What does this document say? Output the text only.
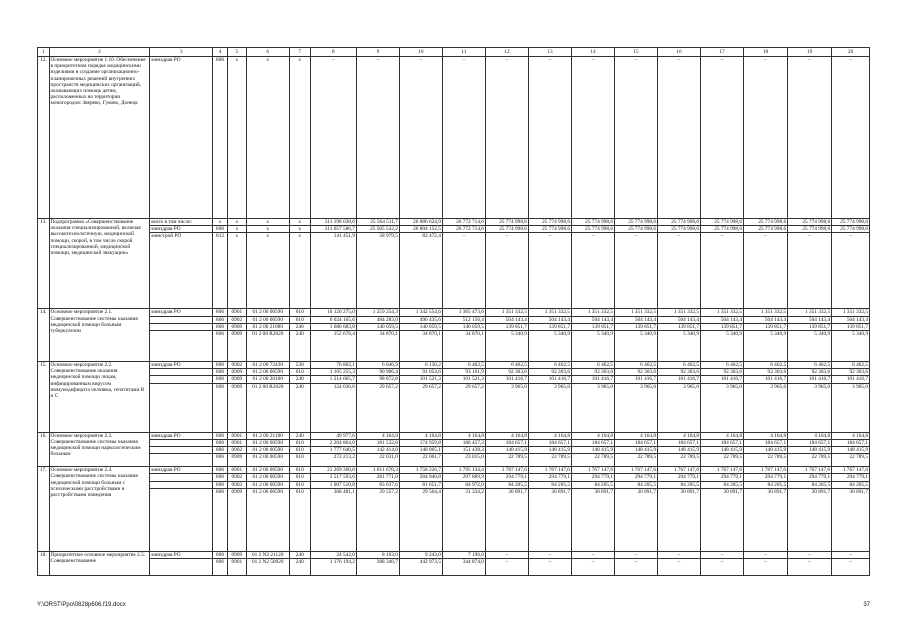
1	2	3	4	5	6	7	8	9	10	11	12	13	14	15	16	17	18	19	20
12.	Основное мероприятие 1.10. Обеспечение в приоритетном порядке медицинскими изделиями в создание организационно-планировочных решений внутренних пространств медицинских организаций, оказывающих помощь детям, расположенных на территории моногородов: Зверево, Гуково, Донецк	минздрав РО	806	х	х	х	–	–	–	–	–	–	–	–	–	–	–	–	–
13.	Подпрограмма «Совершенствование оказания специализированной, включая высокотехнологичную, медицинской помощи, скорой, в том числе скорой специализированной, медицинской помощи, медицинской эвакуации»	всего в том числе:	х	х	х	х	311 198 038,6	25 564 511,7	26 886 624,9	26 772 714,6	25 774 998,6	25 774 998,6	25 774 998,6	25 774 998,6	25 774 998,6	25 774 998,6	25 774 998,6	25 774 998,6	25 774 998,6
		минздрав РО	806	х	х	х	311 057 586,7	25 505 532,2	26 804 152,5	26 772 714,6	25 774 998,6	25 774 998,6	25 774 998,6	25 774 998,6	25 774 998,6	25 774 998,6	25 774 998,6	25 774 998,6	25 774 998,6
		минстрой РО	812	х	х	х	141 451,9	58 979,5	82 472,4	–	–	–	–	–	–	–	–	–	–
14.	Основное мероприятие 2.1. Совершенствование системы оказания медицинской помощи больным туберкулезом	минздрав РО	806	0901	01 2 00 00590	610	16 120 275,0	1 259 254,3	1 342 554,6	1 365 473,6	1 351 332,5	1 351 332,5	1 351 332,5	1 351 332,5	1 351 332,5	1 351 332,5	1 351 332,5	1 351 332,5	1 351 332,5
			806	0902	01 2 00 00590	610	6 024 165,6	484 283,0	490 435,6	512 156,4	504 143,4	504 143,4	504 143,4	504 143,4	504 143,4	504 143,4	504 143,4	504 143,4	504 143,4
			806	0909	01 2 00 21080	240	1 680 683,8	140 059,5	140 059,5	140 059,5	139 851,7	139 851,7	139 851,7	139 851,7	139 851,7	139 851,7	139 851,7	139 851,7	139 851,7
			806	0909	01 2 00 R2020	240	152 678,4	34 870,1	34 870,1	34 870,1	5 340,9	5 340,9	5 340,9	5 340,9	5 340,9	5 340,9	5 340,9	5 340,9	5 340,9
15.	Основное мероприятие 2.2. Совершенствование оказания медицинской помощи лицам, инфицированным вирусом иммунодефицита человека, гепатитами В и С	минздрав РО	806	0902	01 2 00 72430	530	76 802,1	6 046,9	6 130,2	6 462,5	6 462,5	6 462,5	6 462,5	6 462,5	6 462,5	6 462,5	6 462,5	6 462,5	6 462,5
			806	0909	01 2 00 00590	610	1 105 255,3	90 906,4	91 054,6	93 161,9	92 303,6	92 303,6	92 303,6	92 303,6	92 303,6	92 303,6	92 303,6	92 303,6	92 303,6
			806	0909	01 2 00 20100	240	1 214 665,7	98 872,8	101 521,3	101 521,3	101 416,7	101 416,7	101 416,7	101 416,7	101 416,7	101 416,7	101 416,7	101 416,7	101 416,7
			806	0909	01 2 00 R2020	240	124 036,6	29 657,2	29 657,2	29 657,2	3 965,0	3 965,0	3 965,0	3 965,0	3 965,0	3 965,0	3 965,0	3 965,0	3 965,0
16.	Основное мероприятие 2.3. Совершенствование системы оказания медицинской помощи наркологическим больным	минздрав РО	806	0901	01 2 00 21100	240	49 977,6	4 164,8	4 164,8	4 164,8	4 164,8	4 164,8	4 164,8	4 164,8	4 164,8	4 164,8	4 164,8	4 164,8	4 164,8
			806	0901	01 2 00 00590	610	2 204 864,0	181 532,8	174 959,8	186 457,3	184 657,1	184 657,1	184 657,1	184 657,1	184 657,1	184 657,1	184 657,1	184 657,1	184 657,1
			806	0902	01 2 00 00590	610	1 777 640,5	142 414,0	148 065,1	151 438,3	148 415,9	148 415,9	148 415,9	148 415,9	148 415,9	148 415,9	148 415,9	148 415,9	148 415,9
			806	0909	01 2 00 00590	610	272 213,2	22 031,0	22 061,7	23 015,0	22 789,5	22 789,5	22 789,5	22 789,5	22 789,5	22 789,5	22 789,5	22 789,5	22 789,5
17.	Основное мероприятие 2.4. Совершенствование системы оказания медицинской помощи больным с психическими расстройствами и расстройствами поведения	минздрав РО	806	0901	01 2 00 00590	610	21 269 360,0	1 811 670,3	1 758 226,7	1 795 134,4	1 767 147,6	1 767 147,6	1 767 147,6	1 767 147,6	1 767 147,6	1 767 147,6	1 767 147,6	1 767 147,6	1 767 147,6
			806	0902	01 2 00 00590	610	3 517 593,6	281 771,0	284 940,8	297 889,9	294 779,1	294 779,1	294 779,1	294 779,1	294 779,1	294 779,1	294 779,1	294 779,1	294 779,1
			806	0903	01 2 00 00590	610	1 007 510,8	83 037,6	81 651,7	84 972,0	84 205,5	84 205,5	84 205,5	84 205,5	84 205,5	84 205,5	84 205,5	84 205,5	84 205,5
			806	0909	01 2 00 00590	610	368 481,1	29 557,2	29 564,4	31 334,2	30 891,7	30 891,7	30 891,7	30 891,7	30 891,7	30 891,7	30 891,7	30 891,7	30 891,7
18.	Приоритетное основное мероприятие 2.5. Совершенствование	минздрав РО	806	0909	01 2 N2 21120	240	24 542,0	8 103,0	9 243,0	7 196,0	–	–	–	–	–	–	–	–	–
			806	0901	01 2 N2 58920	240	1 176 194,2	388 346,7	442 973,5	344 874,0	–	–	–	–	–	–	–	–	–
Y:\ORST\Ppo\0828p606.f19.docx	37
